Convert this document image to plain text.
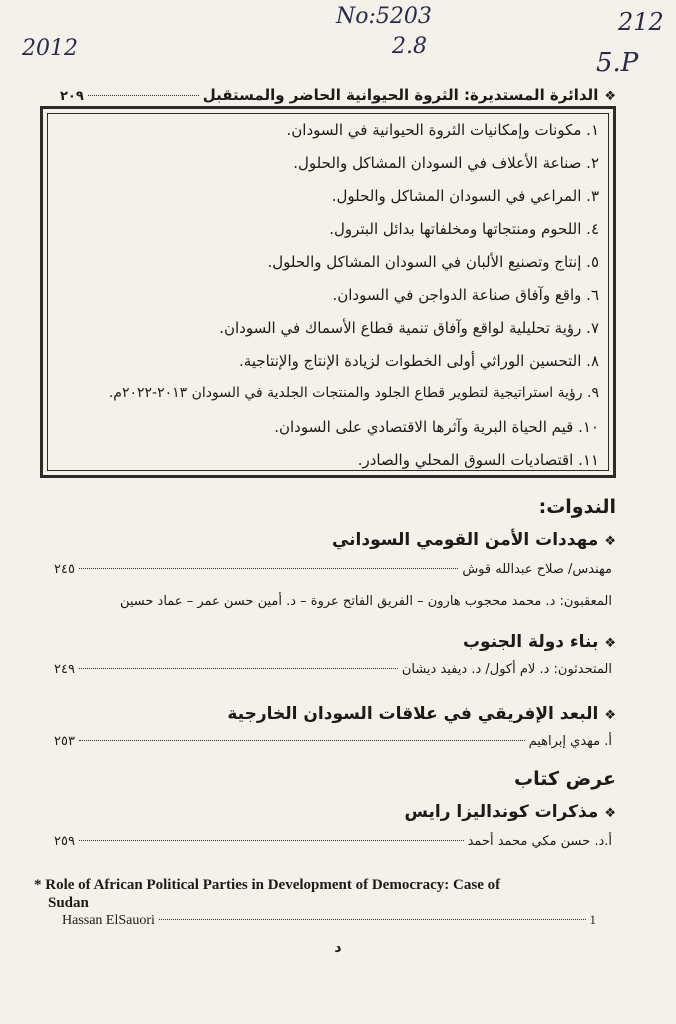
2012
No:5203
2.8
212
5.P
❖
الدائرة المستديرة: الثروة الحيوانية الحاضر والمستقبل
٢٠٩
١. مكونات وإمكانيات الثروة الحيوانية في السودان.
٢. صناعة الأعلاف في السودان المشاكل والحلول.
٣. المراعي في السودان المشاكل والحلول.
٤. اللحوم ومنتجاتها ومخلفاتها بدائل البترول.
٥. إنتاج وتصنيع الألبان في السودان المشاكل والحلول.
٦. واقع وآفاق صناعة الدواجن في السودان.
٧. رؤية تحليلية لواقع وآفاق تنمية قطاع الأسماك في السودان.
٨. التحسين الوراثي أولى الخطوات لزيادة الإنتاج والإنتاجية.
٩. رؤية استراتيجية لتطوير قطاع الجلود والمنتجات الجلدية في السودان ٢٠١٣-٢٠٢٢م.
١٠. قيم الحياة البرية وآثرها الاقتصادي على السودان.
١١. اقتصاديات السوق المحلي والصادر.
الندوات:
❖مهددات الأمن القومي السوداني
مهندس/ صلاح عبدالله قوش
٢٤٥
المعقبون: د. محمد محجوب هارون – الفريق الفاتح عروة – د. أمين حسن عمر – عماد حسين
❖بناء دولة الجنوب
المتحدثون: د. لام أكول/ د. ديفيد ديشان
٢٤٩
❖البعد الإفريقي في علاقات السودان الخارجية
أ. مهدي إبراهيم
٢٥٣
عرض كتاب
❖مذكرات كونداليزا رايس
أ.د. حسن مكي محمد أحمد
٢٥٩
* Role of African Political Parties in Development of Democracy: Case of
Sudan
Hassan ElSauori	1
د
